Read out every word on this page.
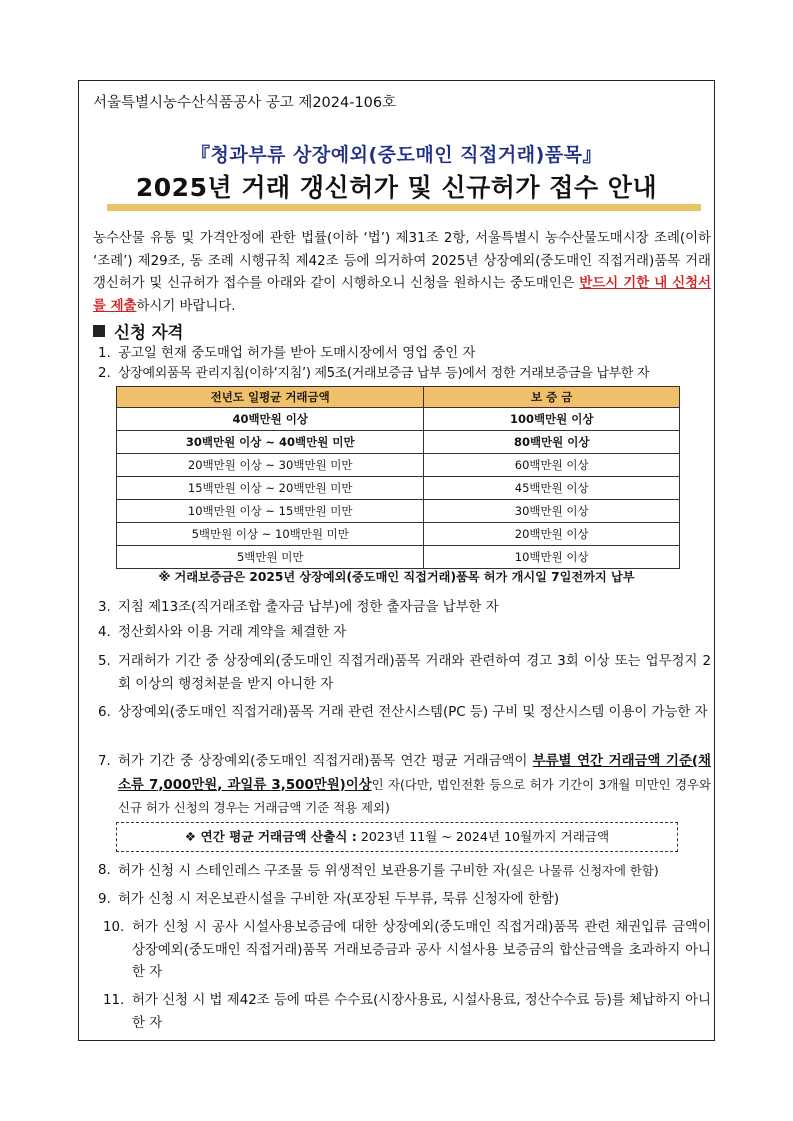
서울특별시농수산식품공사 공고 제2024-106호
『청과부류 상장예외(중도매인 직접거래)품목』
2025년 거래 갱신허가 및 신규허가 접수 안내
농수산물 유통 및 가격안정에 관한 법률(이하 ‘법’) 제31조 2항, 서울특별시 농수산물도매시장 조례(이하 ‘조례’) 제29조, 동 조례 시행규칙 제42조 등에 의거하여 2025년 상장예외(중도매인 직접거래)품목 거래 갱신허가 및 신규허가 접수를 아래와 같이 시행하오니 신청을 원하시는 중도매인은 반드시 기한 내 신청서를 제출하시기 바랍니다.
신청 자격
1. 공고일 현재 중도매업 허가를 받아 도매시장에서 영업 중인 자
2. 상장예외품목 관리지침(이하‘지침’) 제5조(거래보증금 납부 등)에서 정한 거래보증금을 납부한 자
전년도 일평균 거래금액	보 증 금
40백만원 이상	100백만원 이상
30백만원 이상 ~ 40백만원 미만	80백만원 이상
20백만원 이상 ~ 30백만원 미만	60백만원 이상
15백만원 이상 ~ 20백만원 미만	45백만원 이상
10백만원 이상 ~ 15백만원 미만	30백만원 이상
5백만원 이상 ~ 10백만원 미만	20백만원 이상
5백만원 미만	10백만원 이상
※ 거래보증금은 2025년 상장예외(중도매인 직접거래)품목 허가 개시일 7일전까지 납부
3. 지침 제13조(직거래조합 출자금 납부)에 정한 출자금을 납부한 자
4. 정산회사와 이용 거래 계약을 체결한 자
5. 거래허가 기간 중 상장예외(중도매인 직접거래)품목 거래와 관련하여 경고 3회 이상 또는 업무정지 2회 이상의 행정처분을 받지 아니한 자
6. 상장예외(중도매인 직접거래)품목 거래 관련 전산시스템(PC 등) 구비 및 정산시스템 이용이 가능한 자
7. 허가 기간 중 상장예외(중도매인 직접거래)품목 연간 평균 거래금액이 부류별 연간 거래금액 기준(채소류 7,000만원, 과일류 3,500만원)이상인 자(다만, 법인전환 등으로 허가 기간이 3개월 미만인 경우와 신규 허가 신청의 경우는 거래금액 기준 적용 제외)
❖ 연간 평균 거래금액 산출식 : 2023년 11월 ~ 2024년 10월까지 거래금액
8. 허가 신청 시 스테인레스 구조물 등 위생적인 보관용기를 구비한 자(실은 나물류 신청자에 한함)
9. 허가 신청 시 저온보관시설을 구비한 자(포장된 두부류, 묵류 신청자에 한함)
10. 허가 신청 시 공사 시설사용보증금에 대한 상장예외(중도매인 직접거래)품목 관련 채권입류 금액이 상장예외(중도매인 직접거래)품목 거래보증금과 공사 시설사용 보증금의 합산금액을 초과하지 아니한 자
11. 허가 신청 시 법 제42조 등에 따른 수수료(시장사용료, 시설사용료, 정산수수료 등)를 체납하지 아니한 자
